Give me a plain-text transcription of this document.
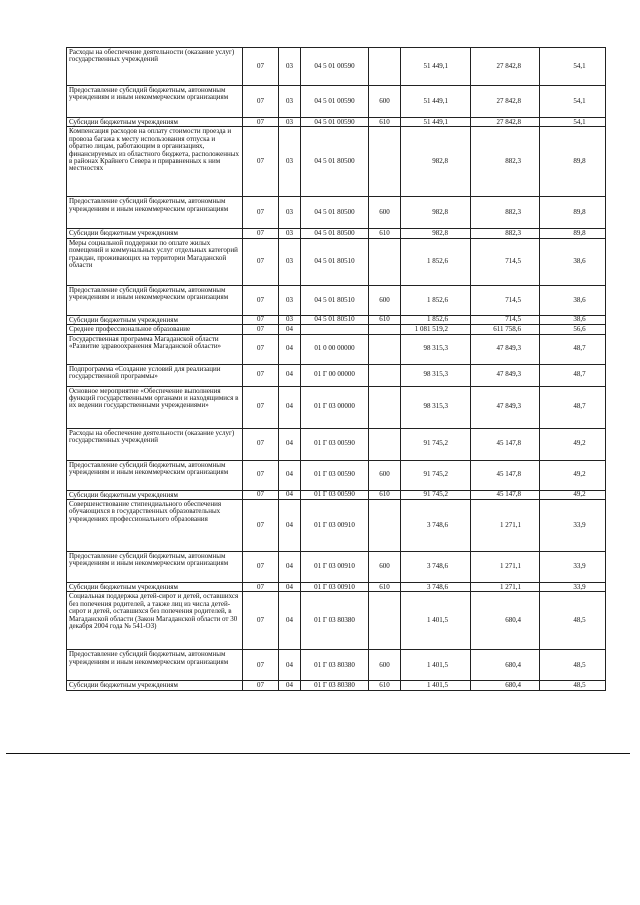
Расходы на обеспечение деятельности (оказание услуг) государственных учреждений	07	03	04 5 01 00590		51 449,1	27 842,8	54,1
Предоставление субсидий бюджетным, автономным учреждениям и иным некоммерческим организациям	07	03	04 5 01 00590	600	51 449,1	27 842,8	54,1
Субсидии бюджетным учреждениям	07	03	04 5 01 00590	610	51 449,1	27 842,8	54,1
Компенсация расходов на оплату стоимости проезда и провоза багажа к месту использования отпуска и обратно лицам, работающим в организациях, финансируемых из областного бюджета, расположенных в районах Крайнего Севера и приравненных к ним местностях	07	03	04 5 01 80500		982,8	882,3	89,8
Предоставление субсидий бюджетным, автономным учреждениям и иным некоммерческим организациям	07	03	04 5 01 80500	600	982,8	882,3	89,8
Субсидии бюджетным учреждениям	07	03	04 5 01 80500	610	982,8	882,3	89,8
Меры социальной поддержки по оплате жилых помещений и коммунальных услуг отдельных категорий граждан, проживающих на территории Магаданской области	07	03	04 5 01 80510		1 852,6	714,5	38,6
Предоставление субсидий бюджетным, автономным учреждениям и иным некоммерческим организациям	07	03	04 5 01 80510	600	1 852,6	714,5	38,6
Субсидии бюджетным учреждениям	07	03	04 5 01 80510	610	1 852,6	714,5	38,6
Среднее профессиональное образование	07	04			1 081 519,2	611 758,6	56,6
Государственная программа Магаданской области «Развитие здравоохранения Магаданской области»	07	04	01 0 00 00000		98 315,3	47 849,3	48,7
Подпрограмма «Создание условий для реализации государственной программы»	07	04	01 Г 00 00000		98 315,3	47 849,3	48,7
Основное мероприятие «Обеспечение выполнения функций государственными органами и находящимися в их ведении государственными учреждениями»	07	04	01 Г 03 00000		98 315,3	47 849,3	48,7
Расходы на обеспечение деятельности (оказание услуг) государственных учреждений	07	04	01 Г 03 00590		91 745,2	45 147,8	49,2
Предоставление субсидий бюджетным, автономным учреждениям и иным некоммерческим организациям	07	04	01 Г 03 00590	600	91 745,2	45 147,8	49,2
Субсидии бюджетным учреждениям	07	04	01 Г 03 00590	610	91 745,2	45 147,8	49,2
Совершенствование стипендиального обеспечения обучающихся в государственных образовательных учреждениях профессионального образования	07	04	01 Г 03 00910		3 748,6	1 271,1	33,9
Предоставление субсидий бюджетным, автономным учреждениям и иным некоммерческим организациям	07	04	01 Г 03 00910	600	3 748,6	1 271,1	33,9
Субсидии бюджетным учреждениям	07	04	01 Г 03 00910	610	3 748,6	1 271,1	33,9
Социальная поддержка детей-сирот и детей, оставшихся без попечения родителей, а также лиц из числа детей-сирот и детей, оставшихся без попечения родителей, в Магаданской области (Закон Магаданской области от 30 декабря 2004 года № 541-ОЗ)	07	04	01 Г 03 80380		1 401,5	680,4	48,5
Предоставление субсидий бюджетным, автономным учреждениям и иным некоммерческим организациям	07	04	01 Г 03 80380	600	1 401,5	680,4	48,5
Субсидии бюджетным учреждениям	07	04	01 Г 03 80380	610	1 401,5	680,4	48,5
